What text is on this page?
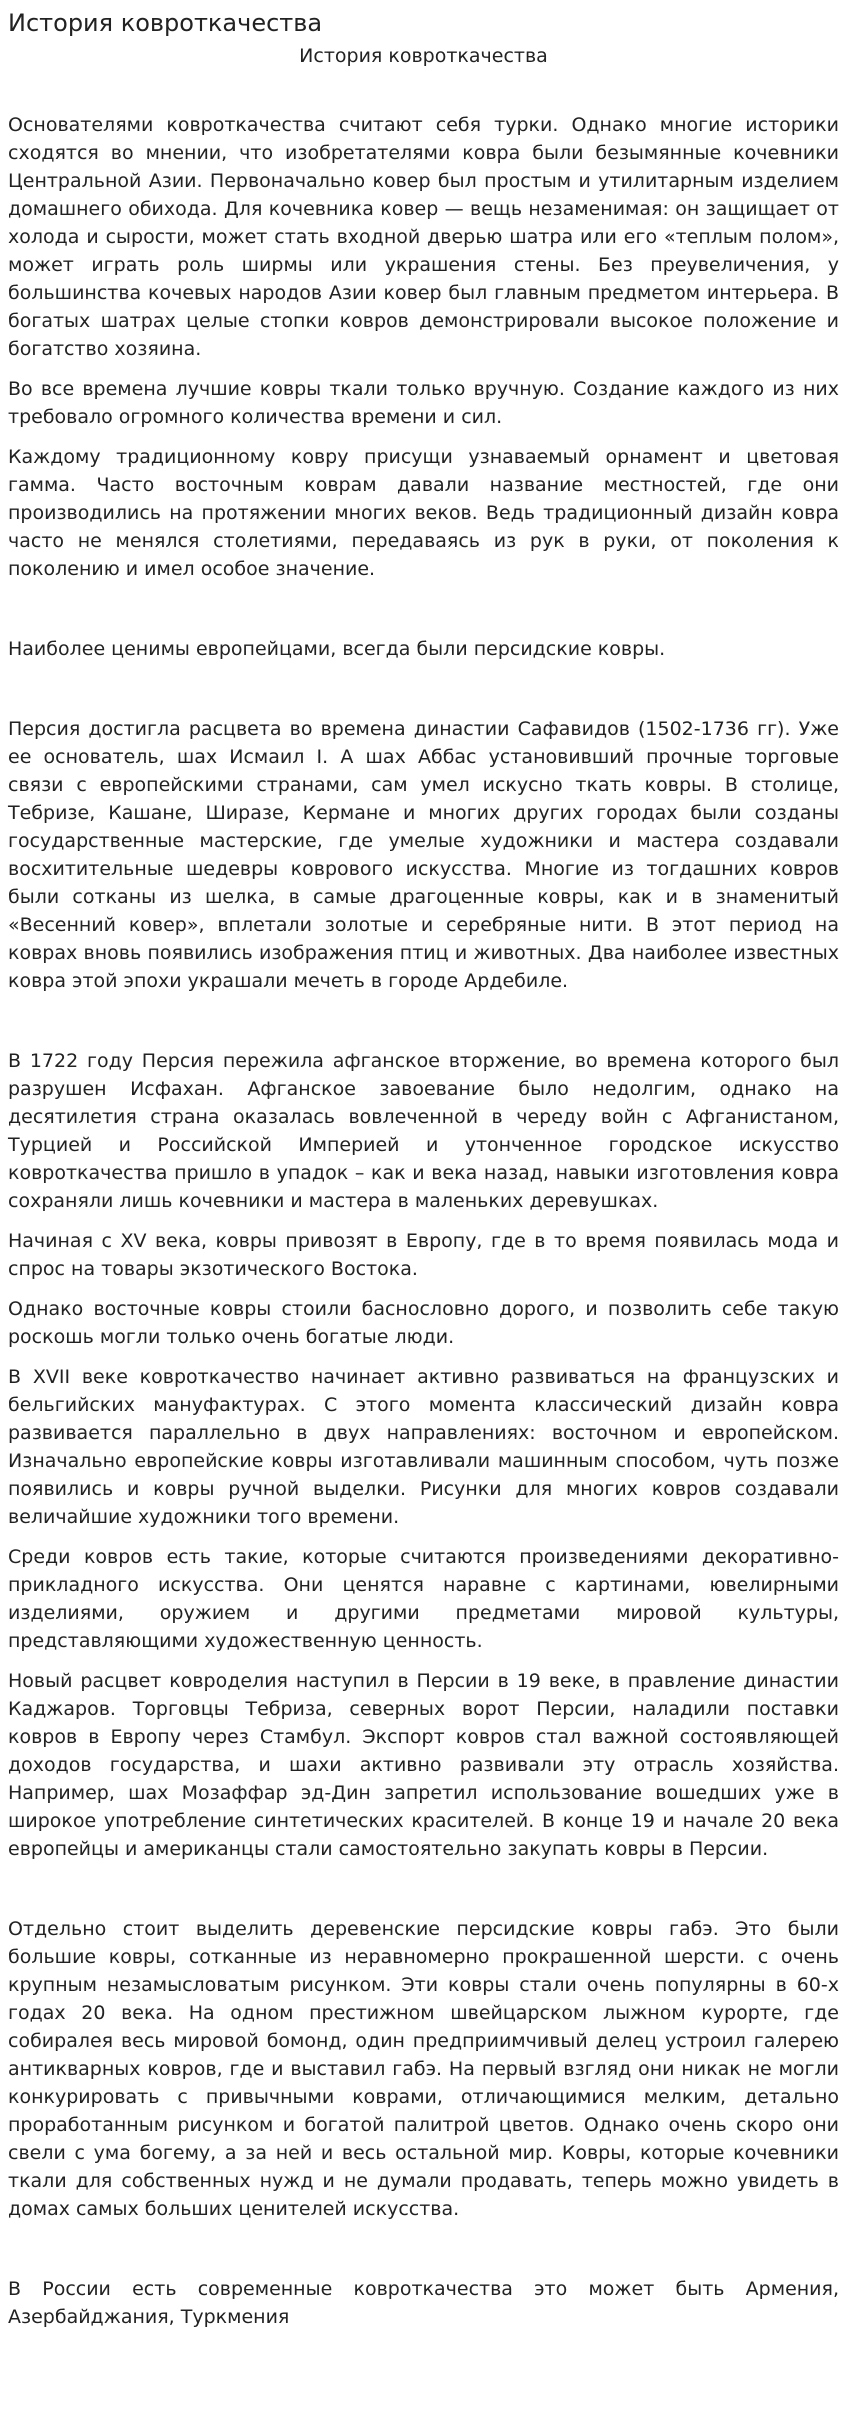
История ковроткачества
История ковроткачества

Основателями ковроткачества считают себя турки. Однако многие историки сходятся во мнении, что изобретателями ковра были безымянные кочевники Центральной Азии. Первоначально ковер был простым и утилитарным изделием домашнего обихода. Для кочевника ковер — вещь незаменимая: он защищает от холода и сырости, может стать входной дверью шатра или его «теплым полом», может играть роль ширмы или украшения стены. Без преувеличения, у большинства кочевых народов Азии ковер был главным предметом интерьера. В богатых шатрах целые стопки ковров демонстрировали высокое положение и богатство хозяина.

Во все времена лучшие ковры ткали только вручную. Создание каждого из них требовало огромного количества времени и сил.

Каждому традиционному ковру присущи узнаваемый орнамент и цветовая гамма. Часто восточным коврам давали название местностей, где они производились на протяжении многих веков. Ведь традиционный дизайн ковра часто не менялся столетиями, передаваясь из рук в руки, от поколения к поколению и имел особое значение.

Наиболее ценимы европейцами, всегда были персидские ковры.

Персия достигла расцвета во времена династии Сафавидов (1502-1736 гг). Уже ее основатель, шах Исмаил I. А шах Аббас установивший прочные торговые связи с европейскими странами, сам умел искусно ткать ковры. В столице, Тебризе, Кашане, Ширазе, Кермане и многих других городах были созданы государственные мастерские, где умелые художники и мастера создавали восхитительные шедевры коврового искусства. Многие из тогдашних ковров были сотканы из шелка, в самые драгоценные ковры, как и в знаменитый «Весенний ковер», вплетали золотые и серебряные нити. В этот период на коврах вновь появились изображения птиц и животных. Два наиболее известных ковра этой эпохи украшали мечеть в городе Ардебиле.

В 1722 году Персия пережила афганское вторжение, во времена которого был разрушен Исфахан. Афганское завоевание было недолгим, однако на десятилетия страна оказалась вовлеченной в череду войн с Афганистаном, Турцией и Российской Империей и утонченное городское искусство ковроткачества пришло в упадок – как и века назад, навыки изготовления ковра сохраняли лишь кочевники и мастера в маленьких деревушках.

Начиная с XV века, ковры привозят в Европу, где в то время появилась мода и спрос на товары экзотического Востока.

Однако восточные ковры стоили баснословно дорого, и позволить себе такую роскошь могли только очень богатые люди.

В XVII веке ковроткачество начинает активно развиваться на французских и бельгийских мануфактурах. С этого момента классический дизайн ковра развивается параллельно в двух направлениях: восточном и европейском. Изначально европейские ковры изготавливали машинным способом, чуть позже появились и ковры ручной выделки. Рисунки для многих ковров создавали величайшие художники того времени.

Среди ковров есть такие, которые считаются произведениями декоративно-прикладного искусства. Они ценятся наравне с картинами, ювелирными изделиями, оружием и другими предметами мировой культуры, представляющими художественную ценность.

Новый расцвет ковроделия наступил в Персии в 19 веке, в правление династии Каджаров. Торговцы Тебриза, северных ворот Персии, наладили поставки ковров в Европу через Стамбул. Экспорт ковров стал важной состоявляющей доходов государства, и шахи активно развивали эту отрасль хозяйства. Например, шах Мозаффар эд-Дин запретил использование вошедших уже в широкое употребление синтетических красителей. В конце 19 и начале 20 века европейцы и американцы стали самостоятельно закупать ковры в Персии.

Отдельно стоит выделить деревенские персидские ковры габэ. Это были большие ковры, сотканные из неравномерно прокрашенной шерсти. с очень крупным незамысловатым рисунком. Эти ковры стали очень популярны в 60-х годах 20 века. На одном престижном швейцарском лыжном курорте, где собиралея весь мировой бомонд, один предприимчивый делец устроил галерею антикварных ковров, где и выставил габэ. На первый взгляд они никак не могли конкурировать с привычными коврами, отличающимися мелким, детально проработанным рисунком и богатой палитрой цветов. Однако очень скоро они свели с ума богему, а за ней и весь остальной мир. Ковры, которые кочевники ткали для собственных нужд и не думали продавать, теперь можно увидеть в домах самых больших ценителей искусства.

В России есть современные ковроткачества это может быть Армения, Азербайджания, Туркмения
